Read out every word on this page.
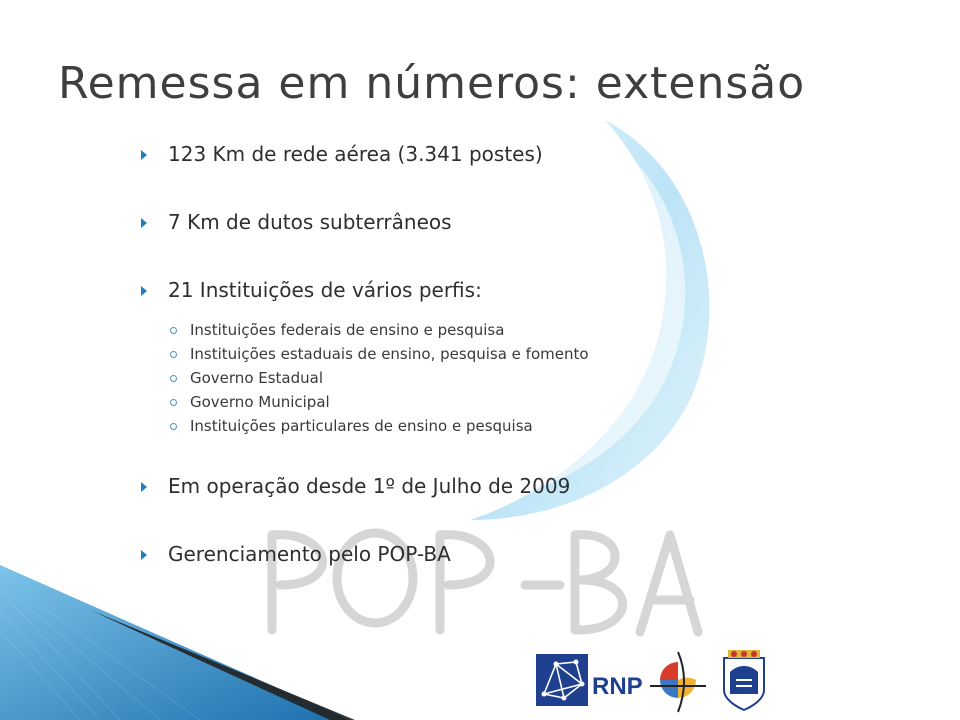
Remessa em números: extensão
123 Km de rede aérea (3.341 postes)
7 Km de dutos subterrâneos
21 Instituições de vários perfis:
Instituições federais de ensino e pesquisa
Instituições estaduais de ensino, pesquisa e fomento
Governo Estadual
Governo Municipal
Instituições particulares de ensino e pesquisa
Em operação desde 1º de Julho de 2009
Gerenciamento pelo POP-BA
RNP
